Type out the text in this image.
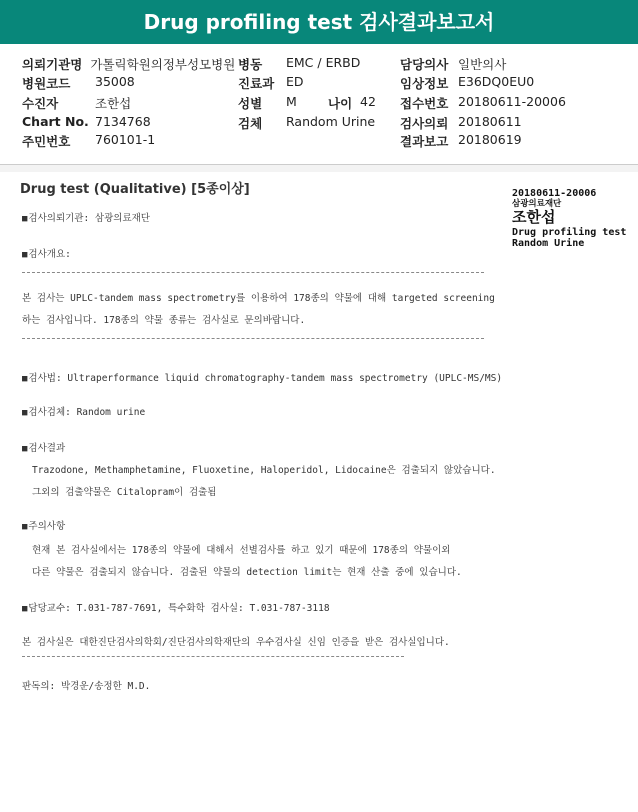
Drug profiling test 검사결과보고서
의뢰기관명 가톨릭학원의정부성모병원
병원코드 35008
수진자	조한섭
Chart No. 7134768
주민번호 760101-1
병동 EMC / ERBD
진료과 ED
성별 M 나이 42
검체 Random Urine
담당의사 일반의사
임상정보 E36DQ0EU0
접수번호 20180611-20006
검사의뢰 20180611
결과보고 20180619
Drug test (Qualitative) [5종이상]	20180611-20006
삼광의료재단
조한섭
Drug profiling test
Random Urine
■ 검사의뢰기관: 삼광의료재단
■ 검사개요:
본 검사는 UPLC-tandem mass spectrometry를 이용하여 178종의 약물에 대해 targeted screening
하는 검사입니다. 178종의 약물 종류는 검사실로 문의바랍니다.
■ 검사법: Ultraperformance liquid chromatography-tandem mass spectrometry (UPLC-MS/MS)
■ 검사검체: Random urine
■ 검사결과
Trazodone, Methamphetamine, Fluoxetine, Haloperidol, Lidocaine은 검출되지 않았습니다.
그외의 검출약물은 Citalopram이 검출됨
■ 주의사항
현재 본 검사실에서는 178종의 약물에 대해서 선별검사를 하고 있기 때문에 178종의 약물이외
다른 약물은 검출되지 않습니다. 검출된 약물의 detection limit는 현재 산출 중에 있습니다.
■ 담당교수: T.031-787-7691, 특수화학 검사실: T.031-787-3118
본 검사실은 대한진단검사의학회/진단검사의학재단의 우수검사실 신임 인증을 받은 검사실입니다.
판독의: 박경운/송정한 M.D.
